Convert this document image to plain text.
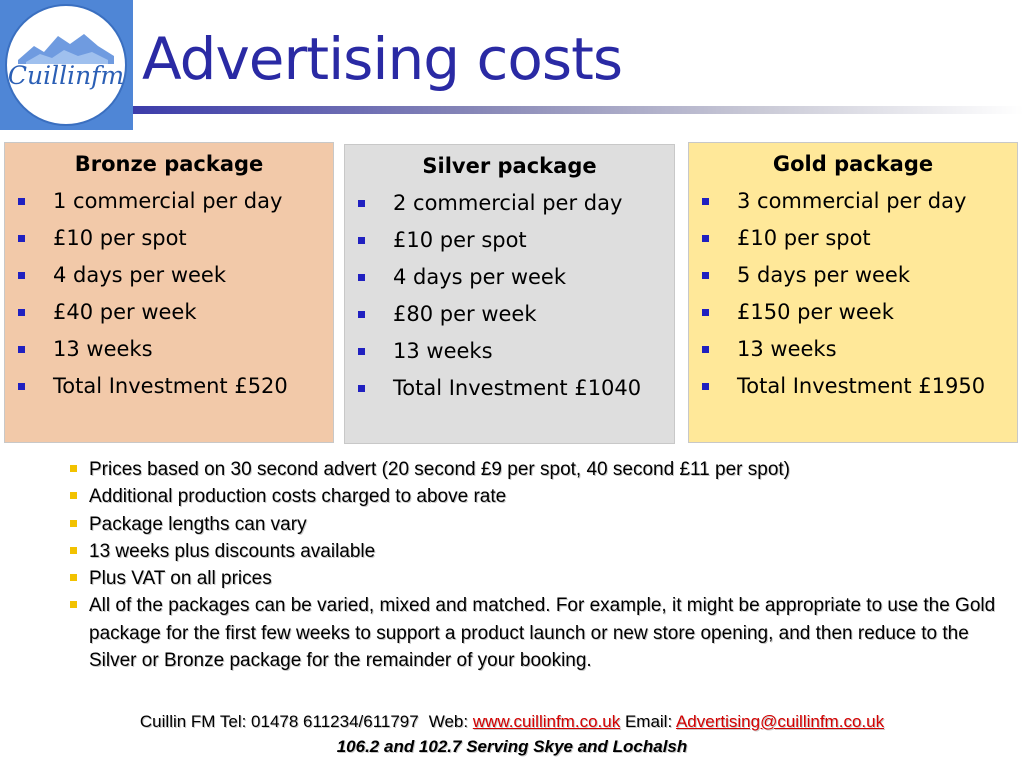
Cuillinfm Advertising costs
Bronze package
1 commercial per day
£10 per spot
4 days per week
£40 per week
13 weeks
Total Investment £520
Silver package
2 commercial per day
£10 per spot
4 days per week
£80 per week
13 weeks
Total Investment £1040
Gold package
3 commercial per day
£10 per spot
5 days per week
£150 per week
13 weeks
Total Investment £1950
Prices based on 30 second advert (20 second £9 per spot, 40 second £11 per spot)
Additional production costs charged to above rate
Package lengths can vary
13 weeks plus discounts available
Plus VAT on all prices
All of the packages can be varied, mixed and matched. For example, it might be appropriate to use the Gold package for the first few weeks to support a product launch or new store opening, and then reduce to the Silver or Bronze package for the remainder of your booking.
Cuillin FM Tel: 01478 611234/611797 Web: www.cuillinfm.co.uk Email: Advertising@cuillinfm.co.uk
106.2 and 102.7 Serving Skye and Lochalsh
